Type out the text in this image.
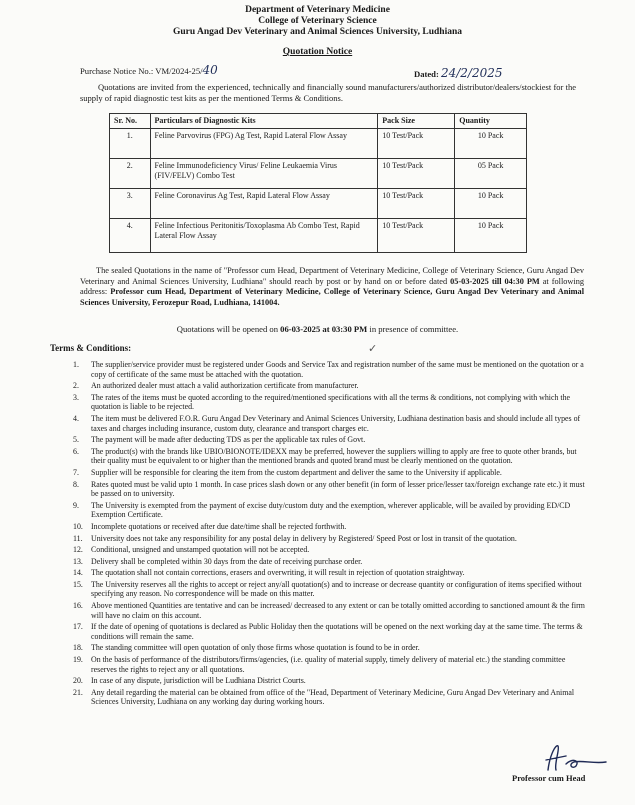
Department of Veterinary Medicine
College of Veterinary Science
Guru Angad Dev Veterinary and Animal Sciences University, Ludhiana
Quotation Notice
Purchase Notice No.: VM/2024-25/40	Dated: 24/2/2025
Quotations are invited from the experienced, technically and financially sound manufacturers/authorized distributor/dealers/stockiest for the supply of rapid diagnostic test kits as per the mentioned Terms & Conditions.
Sr. No.	Particulars of Diagnostic Kits	Pack Size	Quantity
1.	Feline Parvovirus (FPG) Ag Test, Rapid Lateral Flow Assay	10 Test/Pack	10 Pack
2.	Feline Immunodeficiency Virus/ Feline Leukaemia Virus (FIV/FELV) Combo Test	10 Test/Pack	05 Pack
3.	Feline Coronavirus Ag Test, Rapid Lateral Flow Assay	10 Test/Pack	10 Pack
4.	Feline Infectious Peritonitis/Toxoplasma Ab Combo Test, Rapid Lateral Flow Assay	10 Test/Pack	10 Pack
The sealed Quotations in the name of "Professor cum Head, Department of Veterinary Medicine, College of Veterinary Science, Guru Angad Dev Veterinary and Animal Sciences University, Ludhiana" should reach by post or by hand on or before dated 05-03-2025 till 04:30 PM at following address: Professor cum Head, Department of Veterinary Medicine, College of Veterinary Science, Guru Angad Dev Veterinary and Animal Sciences University, Ferozepur Road, Ludhiana, 141004.
Quotations will be opened on 06-03-2025 at 03:30 PM in presence of committee.
✓
Terms & Conditions:
1.	The supplier/service provider must be registered under Goods and Service Tax and registration number of the same must be mentioned on the quotation or a copy of certificate of the same must be attached with the quotation.
2.	An authorized dealer must attach a valid authorization certificate from manufacturer.
3.	The rates of the items must be quoted according to the required/mentioned specifications with all the terms & conditions, not complying with which the quotation is liable to be rejected.
4.	The item must be delivered F.O.R. Guru Angad Dev Veterinary and Animal Sciences University, Ludhiana destination basis and should include all types of taxes and charges including insurance, custom duty, clearance and transport charges etc.
5.	The payment will be made after deducting TDS as per the applicable tax rules of Govt.
6.	The product(s) with the brands like UBIO/BIONOTE/IDEXX may be preferred, however the suppliers willing to apply are free to quote other brands, but their quality must be equivalent to or higher than the mentioned brands and quoted brand must be clearly mentioned on the quotation.
7.	Supplier will be responsible for clearing the item from the custom department and deliver the same to the University if applicable.
8.	Rates quoted must be valid upto 1 month. In case prices slash down or any other benefit (in form of lesser price/lesser tax/foreign exchange rate etc.) it must be passed on to university.
9.	The University is exempted from the payment of excise duty/custom duty and the exemption, wherever applicable, will be availed by providing ED/CD Exemption Certificate.
10.	Incomplete quotations or received after due date/time shall be rejected forthwith.
11.	University does not take any responsibility for any postal delay in delivery by Registered/ Speed Post or lost in transit of the quotation.
12.	Conditional, unsigned and unstamped quotation will not be accepted.
13.	Delivery shall be completed within 30 days from the date of receiving purchase order.
14.	The quotation shall not contain corrections, erasers and overwriting, it will result in rejection of quotation straightway.
15.	The University reserves all the rights to accept or reject any/all quotation(s) and to increase or decrease quantity or configuration of items specified without specifying any reason. No correspondence will be made on this matter.
16.	Above mentioned Quantities are tentative and can be increased/ decreased to any extent or can be totally omitted according to sanctioned amount & the firm will have no claim on this account.
17.	If the date of opening of quotations is declared as Public Holiday then the quotations will be opened on the next working day at the same time. The terms & conditions will remain the same.
18.	The standing committee will open quotation of only those firms whose quotation is found to be in order.
19.	On the basis of performance of the distributors/firms/agencies, (i.e. quality of material supply, timely delivery of material etc.) the standing committee reserves the rights to reject any or all quotations.
20.	In case of any dispute, jurisdiction will be Ludhiana District Courts.
21.	Any detail regarding the material can be obtained from office of the "Head, Department of Veterinary Medicine, Guru Angad Dev Veterinary and Animal Sciences University, Ludhiana on any working day during working hours.
Professor cum Head
